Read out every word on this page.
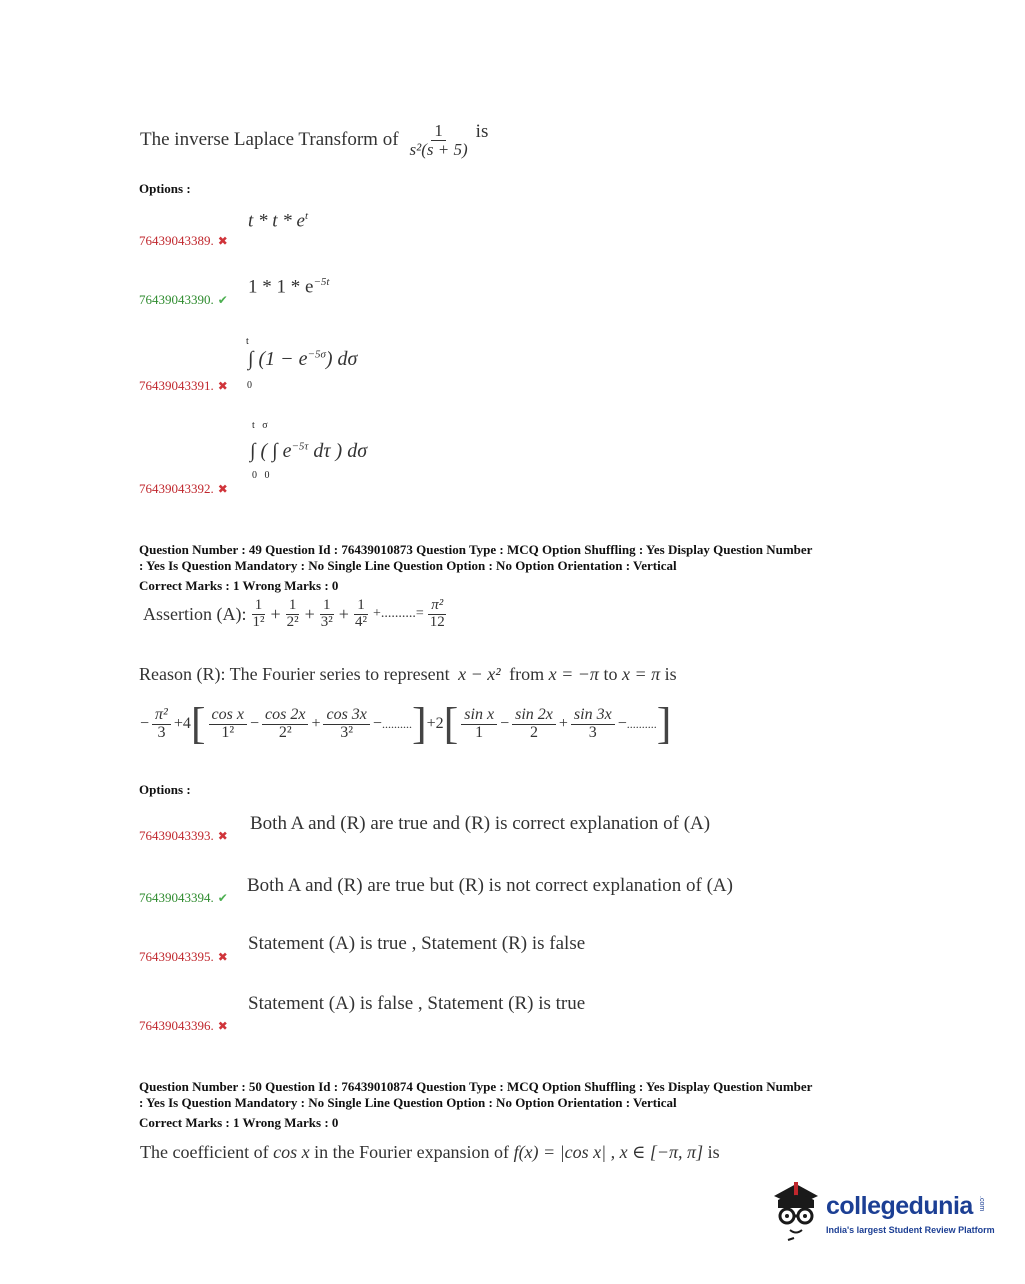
The inverse Laplace Transform of $\frac{1}{\text{s²(s + 5)}}$ is
Options :
t * t * $e^t$
76439043389. ✖
$1 * 1 * e^{-5t}$
76439043390. ✔
t
∫ $(1 - e^{-5\sigma})$ dσ
0
76439043391. ✖
t   σ
∫ ( ∫ $e^{-5\tau}$ dτ ) dσ
0   0
76439043392. ✖
Question Number : 49 Question Id : 76439010873 Question Type : MCQ Option Shuffling : Yes Display Question Number
: Yes Is Question Mandatory : No Single Line Question Option : No Option Orientation : Vertical
Correct Marks : 1 Wrong Marks : 0
Assertion (A): $\frac{1}{\text{1²}} + \frac{1}{\text{2²}} + \frac{1}{\text{3²}} + \frac{1}{\text{4²}}$ +..........= $\frac{\text{π²}}{12}$
Reason (R): The Fourier series to represent x − x² from x = −π to x = π is
− $\frac{\text{π²}}{3} +4$ [ $\frac{\text{cos x}}{\text{1²}} - \frac{\cos 2x}{\text{2²}} + \frac{\cos 3x}{\text{3²}}$ − .......... ] +2 [ $\frac{\text{sin x}}{1} - \frac{\sin 2x}{2} + \frac{\sin 3x}{3}$ − .......... ]
Options :
Both A and (R) are true and (R) is correct explanation of (A)
76439043393. ✖
Both A and (R) are true but (R) is not correct explanation of (A)
76439043394. ✔
Statement (A) is true , Statement (R) is false
76439043395. ✖
Statement (A) is false , Statement (R) is true
76439043396. ✖
Question Number : 50 Question Id : 76439010874 Question Type : MCQ Option Shuffling : Yes Display Question Number
: Yes Is Question Mandatory : No Single Line Question Option : No Option Orientation : Vertical
Correct Marks : 1 Wrong Marks : 0
The coefficient of cos x in the Fourier expansion of f(x) = |cos x| , x ∈ [−π, π] is
collegedunia .com
India's largest Student Review Platform
